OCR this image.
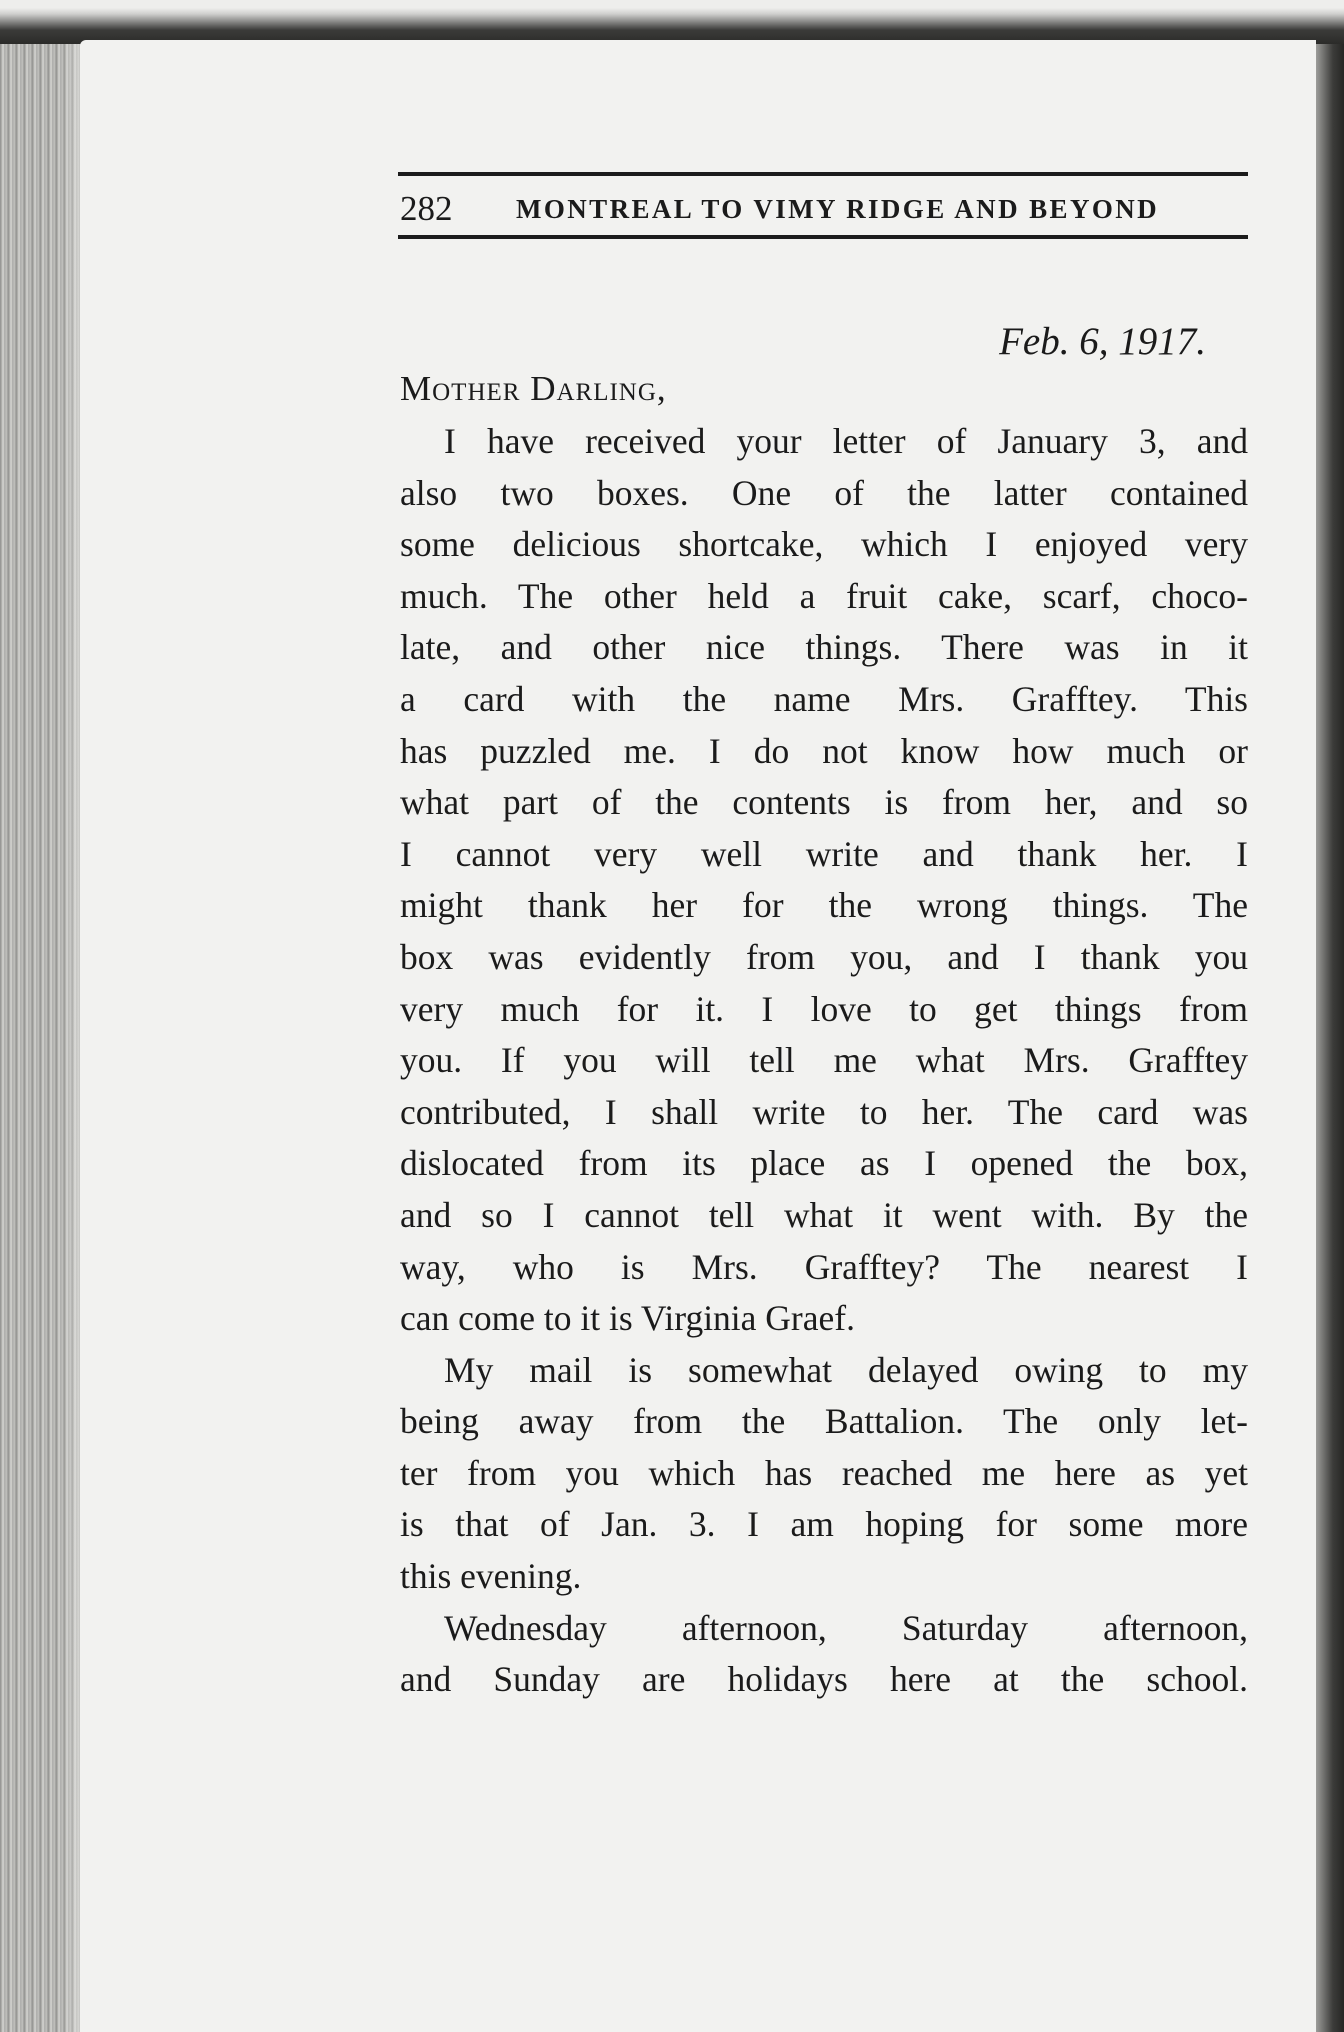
282 MONTREAL TO VIMY RIDGE AND BEYOND
Feb. 6, 1917.
Mother Darling,
I have received your letter of January 3, and
also two boxes. One of the latter contained
some delicious shortcake, which I enjoyed very
much. The other held a fruit cake, scarf, choco-
late, and other nice things. There was in it
a card with the name Mrs. Grafftey. This
has puzzled me. I do not know how much or
what part of the contents is from her, and so
I cannot very well write and thank her. I
might thank her for the wrong things. The
box was evidently from you, and I thank you
very much for it. I love to get things from
you. If you will tell me what Mrs. Grafftey
contributed, I shall write to her. The card was
dislocated from its place as I opened the box,
and so I cannot tell what it went with. By the
way, who is Mrs. Grafftey? The nearest I
can come to it is Virginia Graef.
My mail is somewhat delayed owing to my
being away from the Battalion. The only let-
ter from you which has reached me here as yet
is that of Jan. 3. I am hoping for some more
this evening.
Wednesday afternoon, Saturday afternoon,
and Sunday are holidays here at the school.
